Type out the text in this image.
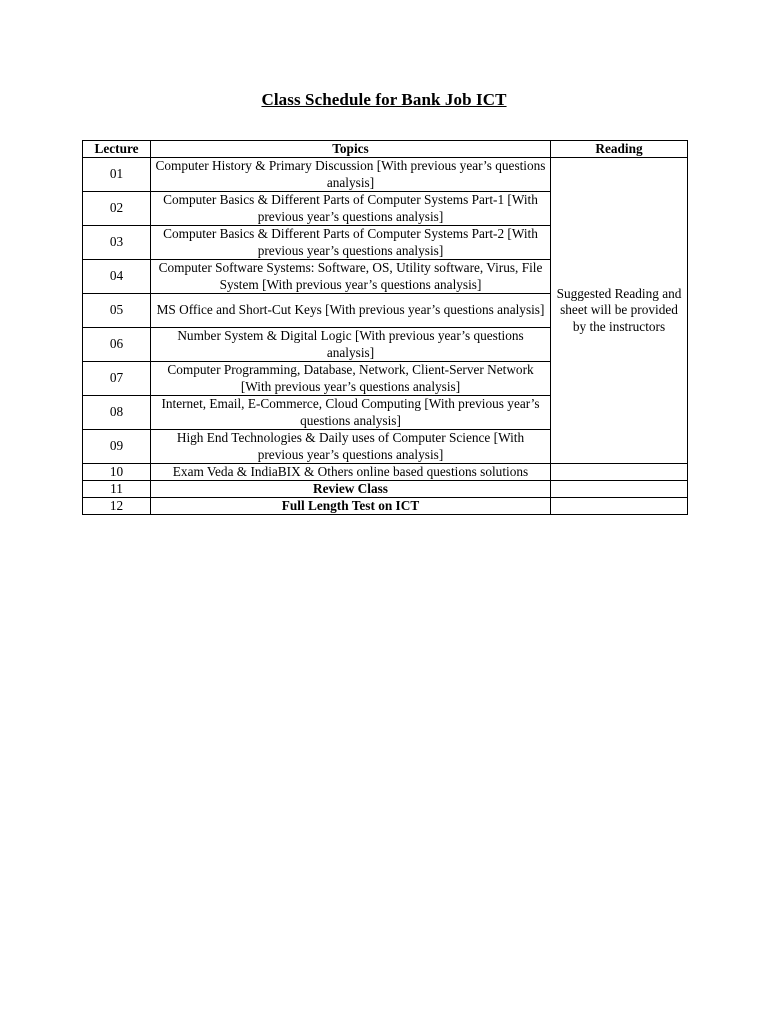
Class Schedule for Bank Job ICT
Lecture	Topics	Reading
01	Computer History & Primary Discussion [With previous year’s questions analysis]	Suggested Reading and sheet will be provided by the instructors
02	Computer Basics & Different Parts of Computer Systems Part-1 [With previous year’s questions analysis]	
03	Computer Basics & Different Parts of Computer Systems Part-2 [With previous year’s questions analysis]	
04	Computer Software Systems: Software, OS, Utility software, Virus, File System [With previous year’s questions analysis]	
05	MS Office and Short-Cut Keys [With previous year’s questions analysis]	
06	Number System & Digital Logic [With previous year’s questions analysis]	
07	Computer Programming, Database, Network, Client-Server Network [With previous year’s questions analysis]	
08	Internet, Email, E-Commerce, Cloud Computing [With previous year’s questions analysis]	
09	High End Technologies & Daily uses of Computer Science [With previous year’s questions analysis]	
10	Exam Veda & IndiaBIX & Others online based questions solutions	
11	Review Class	
12	Full Length Test on ICT	
